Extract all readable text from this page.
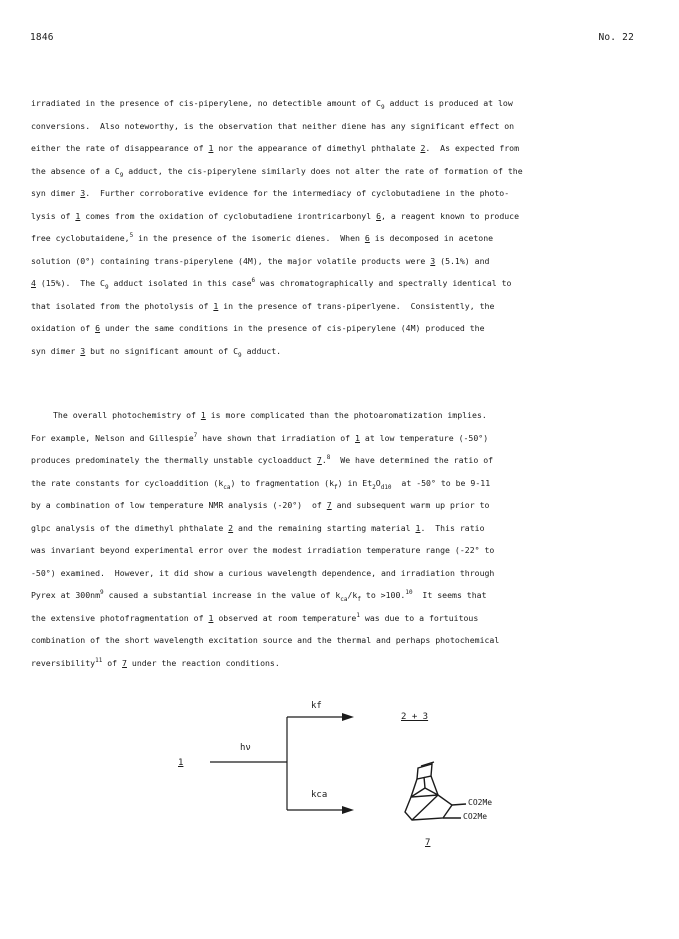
1846	No. 22
irradiated in the presence of cis-piperylene, no detectible amount of $C_9$ adduct is produced at low
conversions.  Also noteworthy, is the observation that neither diene has any significant effect on
either the rate of disappearance of 1 nor the appearance of dimethyl phthalate 2.  As expected from
the absence of a $C_9$ adduct, the cis-piperylene similarly does not alter the rate of formation of the
syn dimer 3.  Further corroborative evidence for the intermediacy of cyclobutadiene in the photo-
lysis of 1 comes from the oxidation of cyclobutadiene irontricarbonyl 6, a reagent known to produce
free cyclobutaidene,$^5$ in the presence of the isomeric dienes.  When 6 is decomposed in acetone
solution (0°) containing trans-piperylene (4M), the major volatile products were 3 (5.1%) and
4 (15%).  The $C_9$ adduct isolated in this case$^6$ was chromatographically and spectrally identical to
that isolated from the photolysis of 1 in the presence of trans-piperlyene.  Consistently, the
oxidation of 6 under the same conditions in the presence of cis-piperylene (4M) produced the
syn dimer 3 but no significant amount of $C_9$ adduct.
The overall photochemistry of 1 is more complicated than the photoaromatization implies.
For example, Nelson and Gillespie$^7$ have shown that irradiation of 1 at low temperature (-50°)
produces predominately the thermally unstable cycloadduct 7.$^8$  We have determined the ratio of
the rate constants for cycloaddition $(k_{ca})$ to fragmentation $(k_f)$ in $Et_2O_{d10}$  at -50° to be 9-11
by a combination of low temperature NMR analysis (-20°)  of 7 and subsequent warm up prior to
glpc analysis of the dimethyl phthalate 2 and the remaining starting material 1.  This ratio
was invariant beyond experimental error over the modest irradiation temperature range (-22° to
-50°) examined.  However, it did show a curious wavelength dependence, and irradiation through
Pyrex at $300nm^9$ caused a substantial increase in the value of $k_{ca}/k_f$ to >100.10  It seems that
the extensive photofragmentation of 1 observed at room temperature$^1$ was due to a fortuitous
combination of the short wavelength excitation source and the thermal and perhaps photochemical
reversibility$^{11}$ of 7 under the reaction conditions.
1
hν
kf
kca
2 + 3
CO2Me
CO2Me
7
